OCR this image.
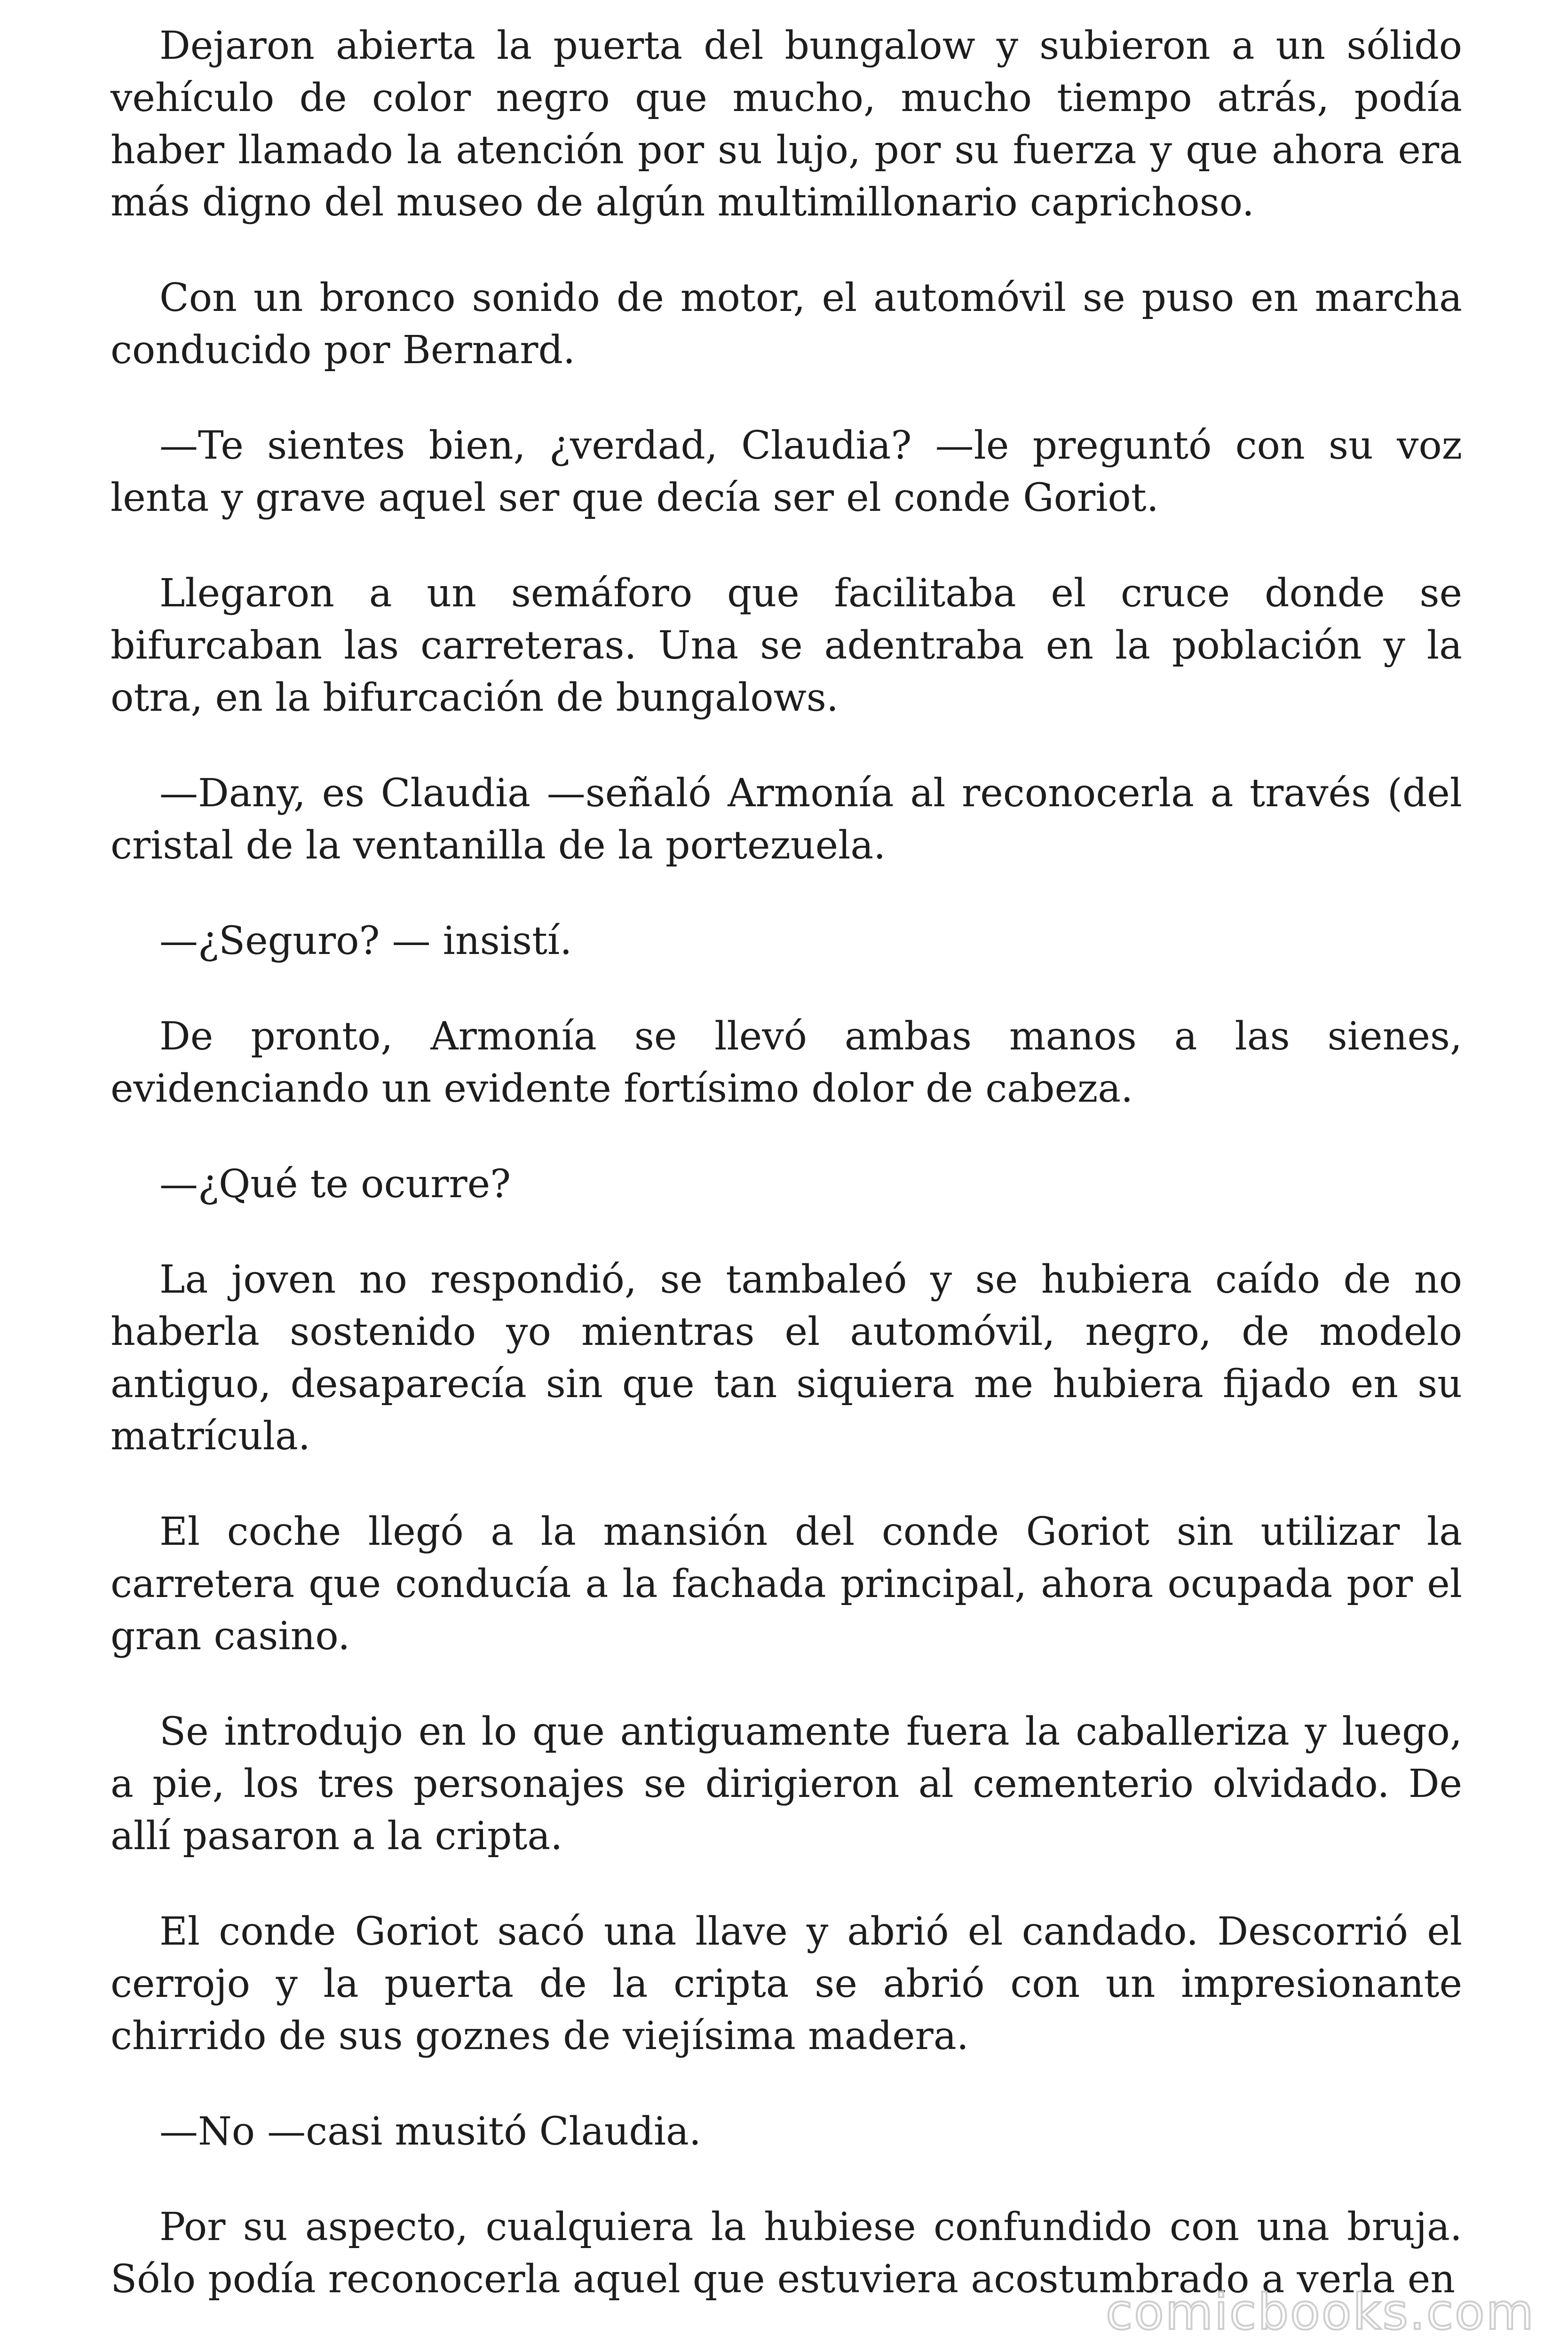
Dejaron abierta la puerta del bungalow y subieron a un sólido vehículo de color negro que mucho, mucho tiempo atrás, podía haber llamado la atención por su lujo, por su fuerza y que ahora era más digno del museo de algún multimillonario caprichoso.

Con un bronco sonido de motor, el automóvil se puso en marcha conducido por Bernard.

—Te sientes bien, ¿verdad, Claudia? —le preguntó con su voz lenta y grave aquel ser que decía ser el conde Goriot.

Llegaron a un semáforo que facilitaba el cruce donde se bifurcaban las carreteras. Una se adentraba en la población y la otra, en la bifurcación de bungalows.

—Dany, es Claudia —señaló Armonía al reconocerla a través (del cristal de la ventanilla de la portezuela.

—¿Seguro? — insistí.

De pronto, Armonía se llevó ambas manos a las sienes, evidenciando un evidente fortísimo dolor de cabeza.

—¿Qué te ocurre?

La joven no respondió, se tambaleó y se hubiera caído de no haberla sostenido yo mientras el automóvil, negro, de modelo antiguo, desaparecía sin que tan siquiera me hubiera fijado en su matrícula.

El coche llegó a la mansión del conde Goriot sin utilizar la carretera que conducía a la fachada principal, ahora ocupada por el gran casino.

Se introdujo en lo que antiguamente fuera la caballeriza y luego, a pie, los tres personajes se dirigieron al cementerio olvidado. De allí pasaron a la cripta.

El conde Goriot sacó una llave y abrió el candado. Descorrió el cerrojo y la puerta de la cripta se abrió con un impresionante chirrido de sus goznes de viejísima madera.

—No —casi musitó Claudia.

Por su aspecto, cualquiera la hubiese confundido con una bruja. Sólo podía reconocerla aquel que estuviera acostumbrado a verla en

comicbooks.com
